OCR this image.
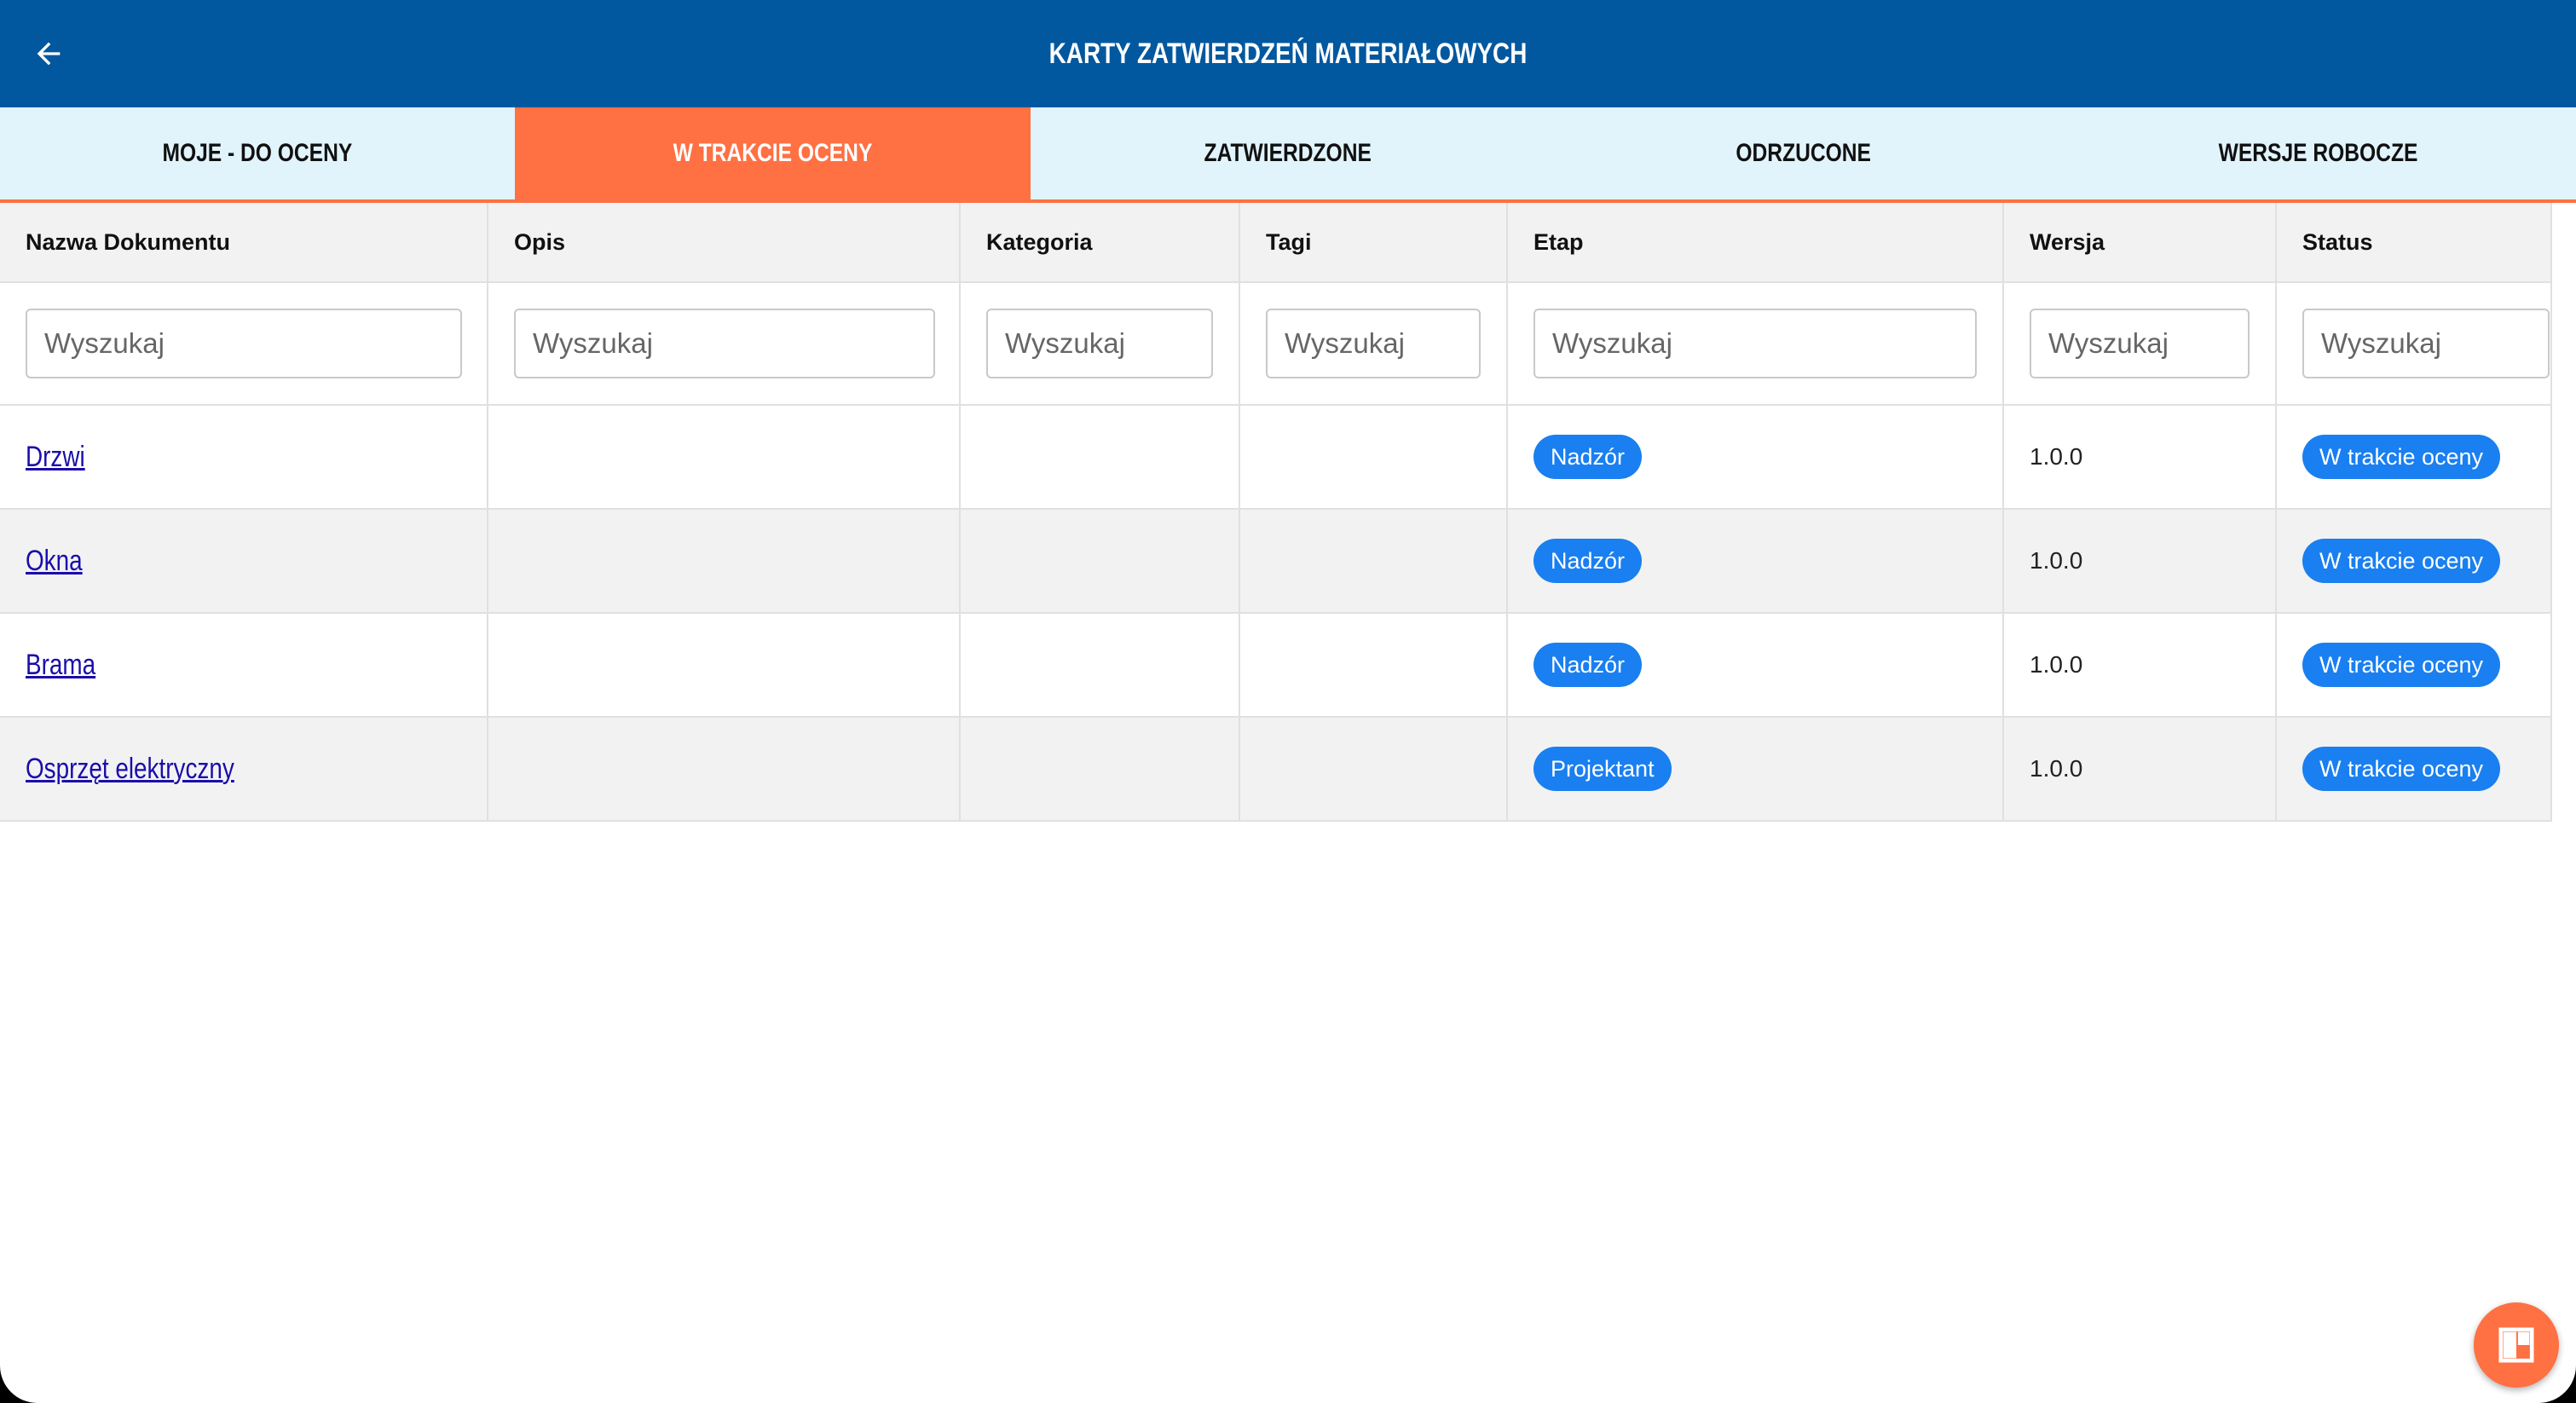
KARTY ZATWIERDZEŃ MATERIAŁOWYCH
MOJE - DO OCENY	W TRAKCIE OCENY	ZATWIERDZONE	ODRZUCONE	WERSJE ROBOCZE
Nazwa Dokumentu	Opis	Kategoria	Tagi	Etap	Wersja	Status
Wyszukaj	Wyszukaj	Wyszukaj	Wyszukaj	Wyszukaj	Wyszukaj	Wyszukaj
Drzwi				Nadzór	1.0.0	W trakcie oceny
Okna				Nadzór	1.0.0	W trakcie oceny
Brama				Nadzór	1.0.0	W trakcie oceny
Osprzęt elektryczny				Projektant	1.0.0	W trakcie oceny
